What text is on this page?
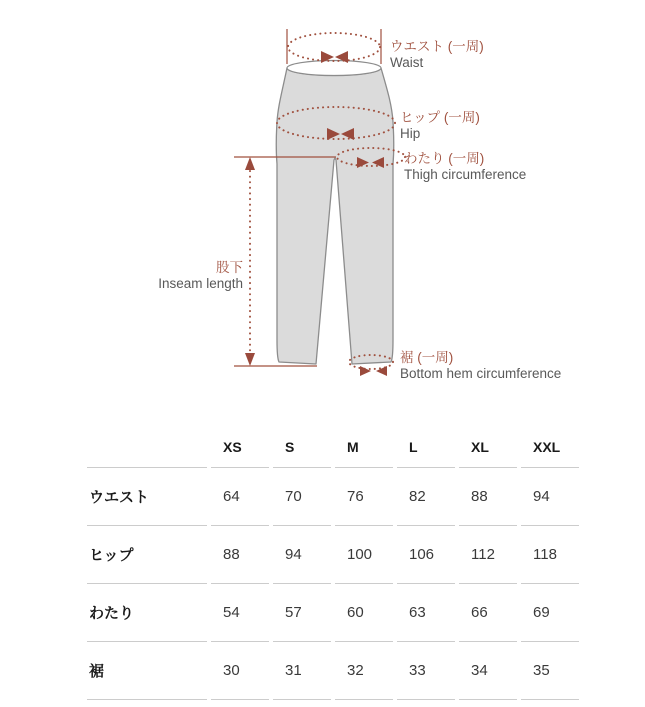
ウエスト (一周)
Waist
ヒップ (一周)
Hip
わたり (一周)
Thigh circumference
股下
Inseam length
裾 (一周)
Bottom hem circumference
	XS	S	M	L	XL	XXL
ウエスト	64	70	76	82	88	94
ヒップ	88	94	100	106	112	118
わたり	54	57	60	63	66	69
裾	30	31	32	33	34	35
